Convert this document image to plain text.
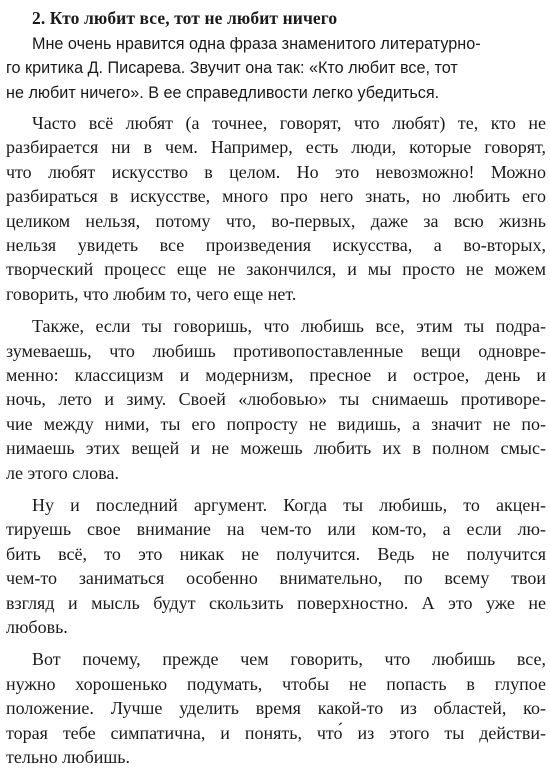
2. Кто любит все, тот не любит ничего
Мне очень нравится одна фраза знаменитого литературно-
го критика Д. Писарева. Звучит она так: «Кто любит все, тот
не любит ничего». В ее справедливости легко убедиться.
Часто всё любят (а точнее, говорят, что любят) те, кто не
разбирается ни в чем. Например, есть люди, которые говорят,
что любят искусство в целом. Но это невозможно! Можно
разбираться в искусстве, много про него знать, но любить его
целиком нельзя, потому что, во-первых, даже за всю жизнь
нельзя увидеть все произведения искусства, а во-вторых,
творческий процесс еще не закончился, и мы просто не можем
говорить, что любим то, чего еще нет.
Также, если ты говоришь, что любишь все, этим ты подра-
зумеваешь, что любишь противопоставленные вещи одновре-
менно: классицизм и модернизм, пресное и острое, день и
ночь, лето и зиму. Своей «любовью» ты снимаешь противоре-
чие между ними, ты его попросту не видишь, а значит не по-
нимаешь этих вещей и не можешь любить их в полном смыс-
ле этого слова.
Ну и последний аргумент. Когда ты любишь, то акцен-
тируешь свое внимание на чем-то или ком-то, а если лю-
бить всё, то это никак не получится. Ведь не получится
чем-то заниматься особенно внимательно, по всему твои
взгляд и мысль будут скользить поверхностно. А это уже не
любовь.
Вот почему, прежде чем говорить, что любишь все,
нужно хорошенько подумать, чтобы не попасть в глупое
положение. Лучше уделить время какой-то из областей, ко-
торая тебе симпатична, и понять, что́ из этого ты действи-
тельно любишь.
